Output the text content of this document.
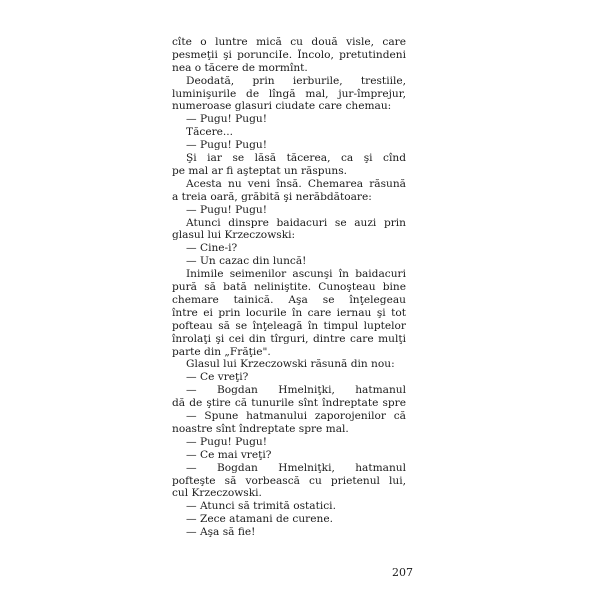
cîte o luntre mică cu două visle, care
pesmeţii şi porunciIe. Încolo, pretutindeni
nea o tăcere de mormînt.
Deodată, prin ierburile, trestiile,
luminişurile de lîngă mal, jur-împrejur,
numeroase glasuri ciudate care chemau:
— Pugu! Pugu!
Tăcere...
— Pugu! Pugu!
Şi iar se lăsă tăcerea, ca şi cînd
pe mal ar fi aşteptat un răspuns.
Acesta nu veni însă. Chemarea răsună
a treia oară, grăbită şi nerăbdătoare:
— Pugu! Pugu!
Atunci dinspre baidacuri se auzi prin
glasul lui Krzeczowski:
— Cine-i?
— Un cazac din luncă!
Inimile seimenilor ascunşi în baidacuri
pură să bată neliniştite. Cunoşteau bine
chemare tainică. Aşa se înţelegeau
între ei prin locurile în care iernau şi tot
pofteau să se înţeleagă în timpul luptelor
înrolaţi şi cei din tîrguri, dintre care mulţi
parte din „Frăţie".
Glasul lui Krzeczowski răsună din nou:
— Ce vreţi?
— Bogdan Hmelniţki, hatmanul
dă de ştire că tunurile sînt îndreptate spre
— Spune hatmanului zaporojenilor că
noastre sînt îndreptate spre mal.
— Pugu! Pugu!
— Ce mai vreţi?
— Bogdan Hmelniţki, hatmanul
pofteşte să vorbească cu prietenul lui,
cul Krzeczowski.
— Atunci să trimită ostatici.
— Zece atamani de curene.
— Aşa să fie!
207
